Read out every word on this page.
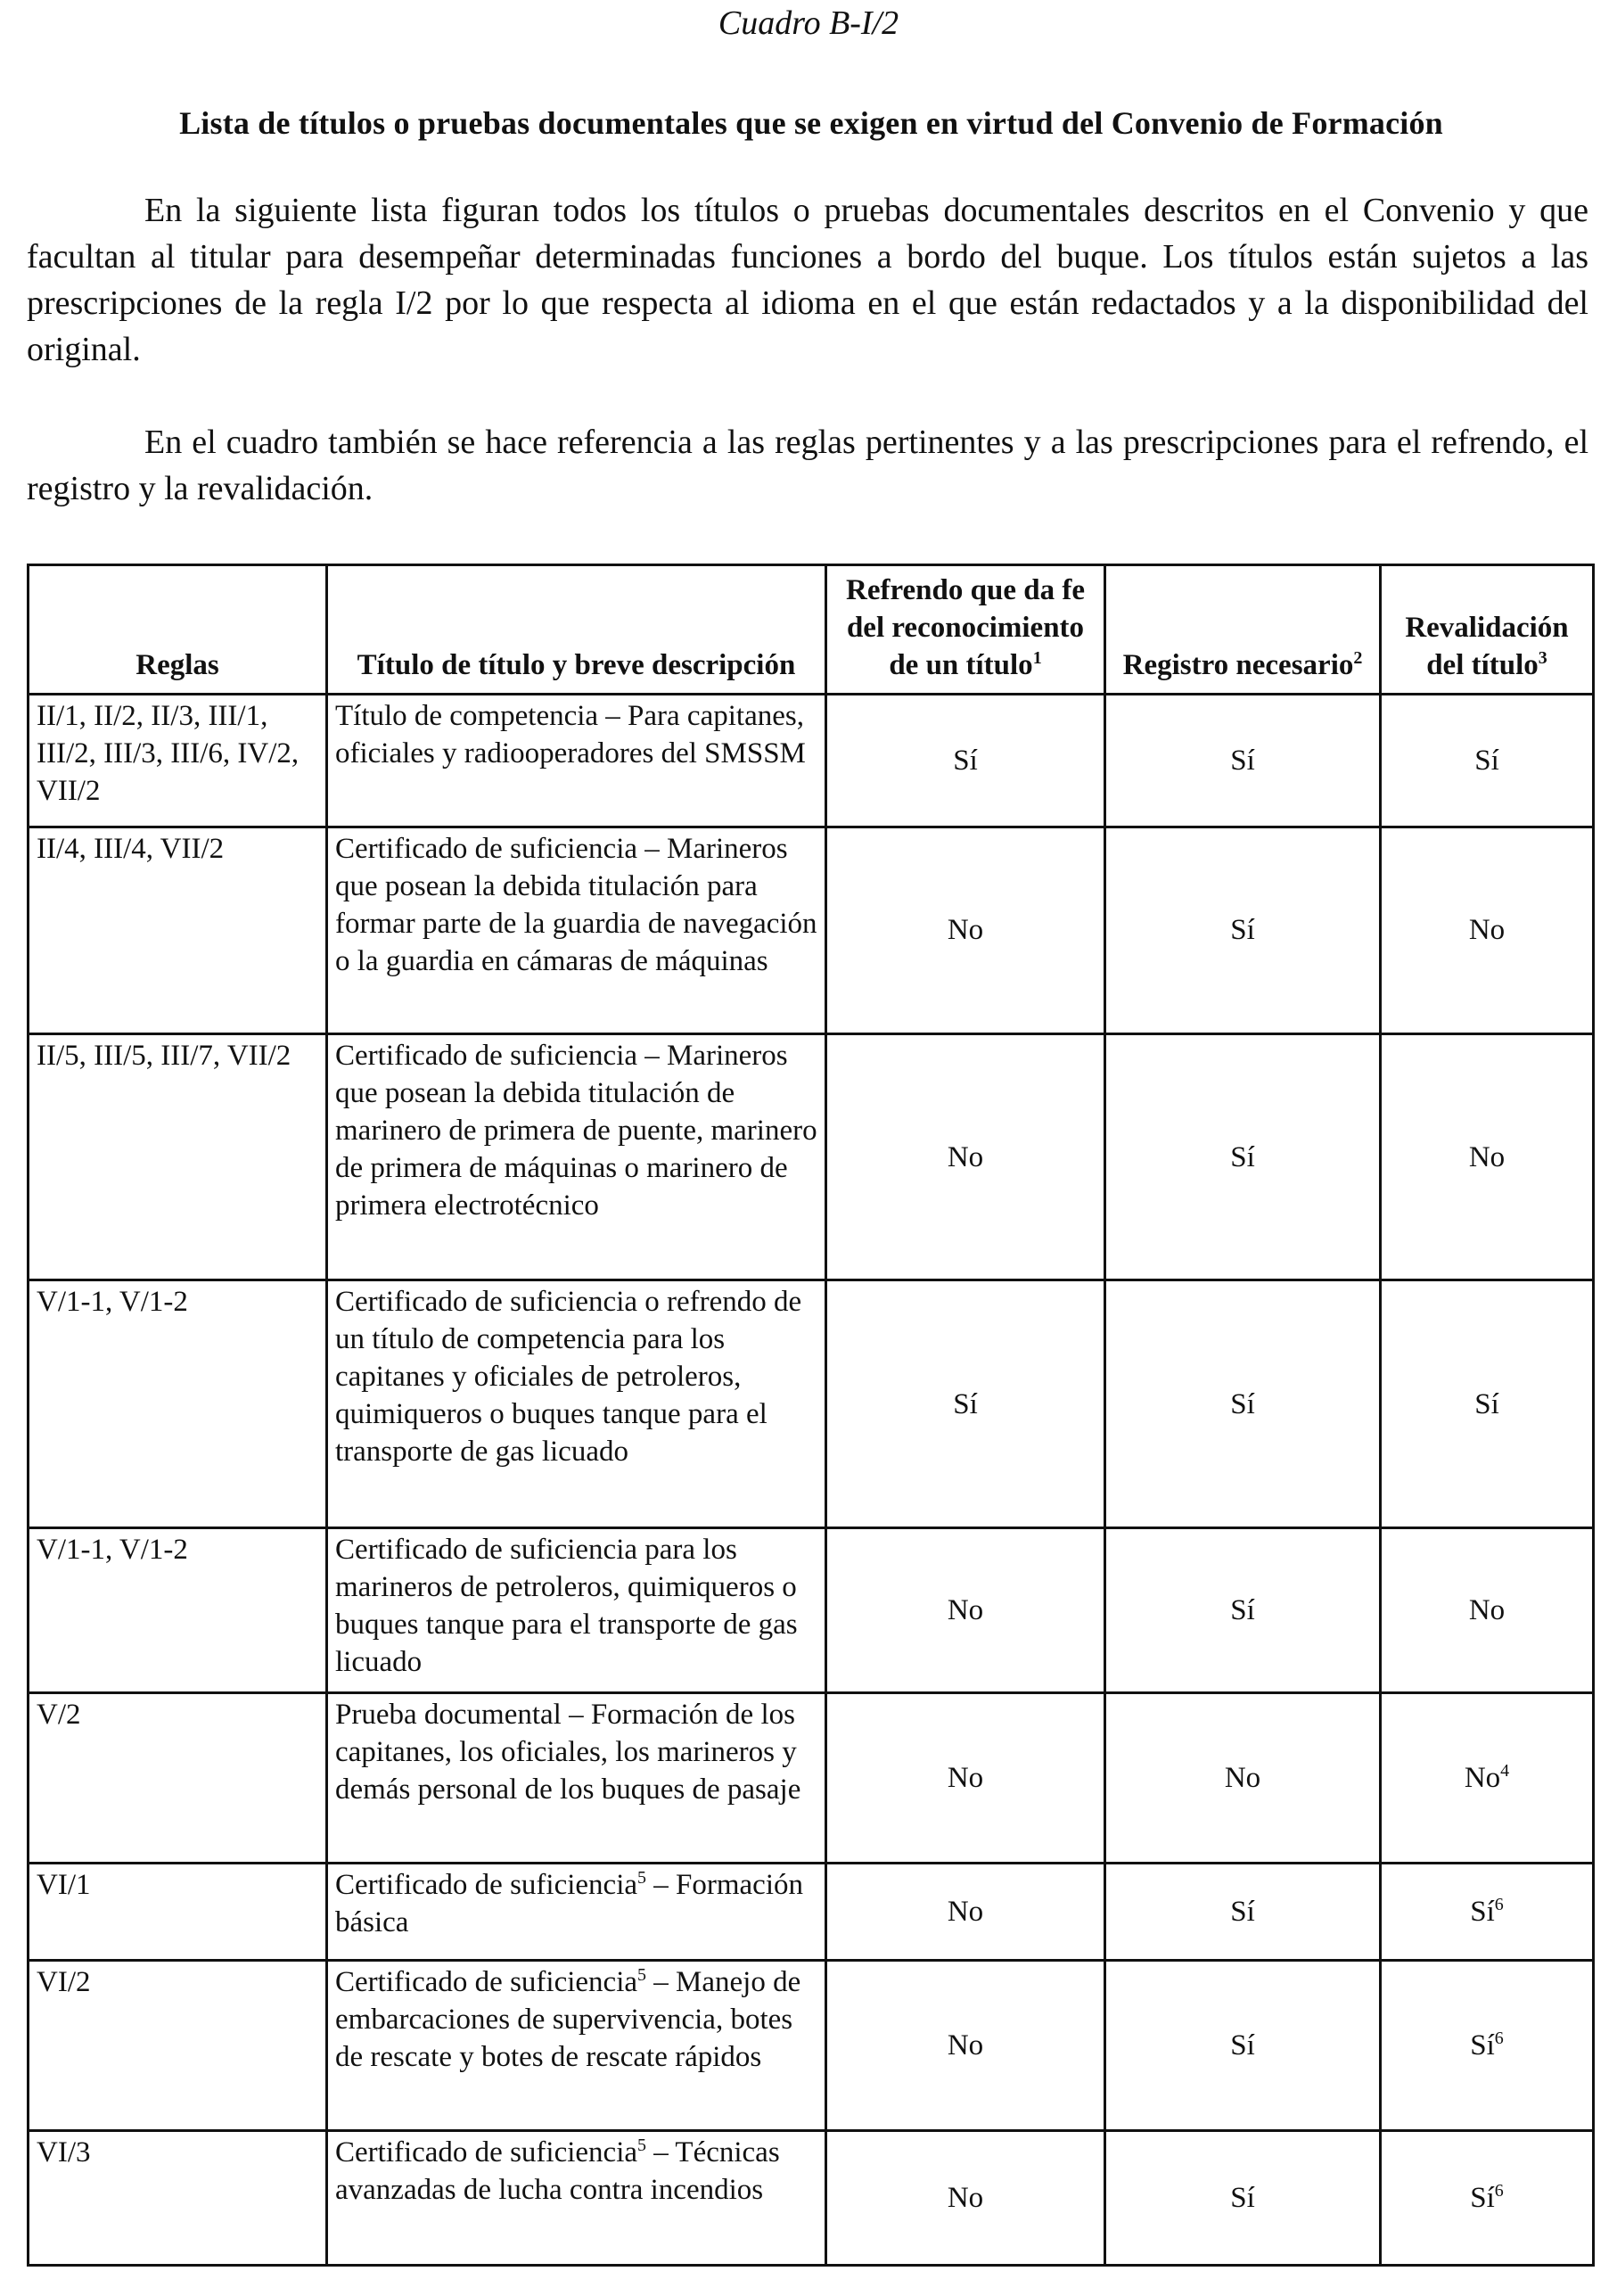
Cuadro B-I/2
Lista de títulos o pruebas documentales que se exigen en virtud del Convenio de Formación

En la siguiente lista figuran todos los títulos o pruebas documentales descritos en el Convenio y que facultan al titular para desempeñar determinadas funciones a bordo del buque. Los títulos están sujetos a las prescripciones de la regla I/2 por lo que respecta al idioma en el que están redactados y a la disponibilidad del original.

En el cuadro también se hace referencia a las reglas pertinentes y a las prescripciones para el refrendo, el registro y la revalidación.

Reglas	Título de título y breve descripción	Refrendo que da fe del reconocimiento de un título$^1$	Registro necesario$^2$	Revalidación del título$^3$
II/1, II/2, II/3, III/1, III/2, III/3, III/6, IV/2, VII/2	Título de competencia – Para capitanes, oficiales y radiooperadores del SMSSM	Sí	Sí	Sí
II/4, III/4, VII/2	Certificado de suficiencia – Marineros que posean la debida titulación para formar parte de la guardia de navegación o la guardia en cámaras de máquinas	No	Sí	No
II/5, III/5, III/7, VII/2	Certificado de suficiencia – Marineros que posean la debida titulación de marinero de primera de puente, marinero de primera de máquinas o marinero de primera electrotécnico	No	Sí	No
V/1-1, V/1-2	Certificado de suficiencia o refrendo de un título de competencia para los capitanes y oficiales de petroleros, quimiqueros o buques tanque para el transporte de gas licuado	Sí	Sí	Sí
V/1-1, V/1-2	Certificado de suficiencia para los marineros de petroleros, quimiqueros o buques tanque para el transporte de gas licuado	No	Sí	No
V/2	Prueba documental – Formación de los capitanes, los oficiales, los marineros y demás personal de los buques de pasaje	No	No	No$^4$
VI/1	Certificado de suficiencia$^5$ – Formación básica	No	Sí	$Sí^6$
VI/2	Certificado de suficiencia$^5$ – Manejo de embarcaciones de supervivencia, botes de rescate y botes de rescate rápidos	No	Sí	$Sí^6$
VI/3	Certificado de suficiencia$^5$ – Técnicas avanzadas de lucha contra incendios	No	Sí	$Sí^6$
